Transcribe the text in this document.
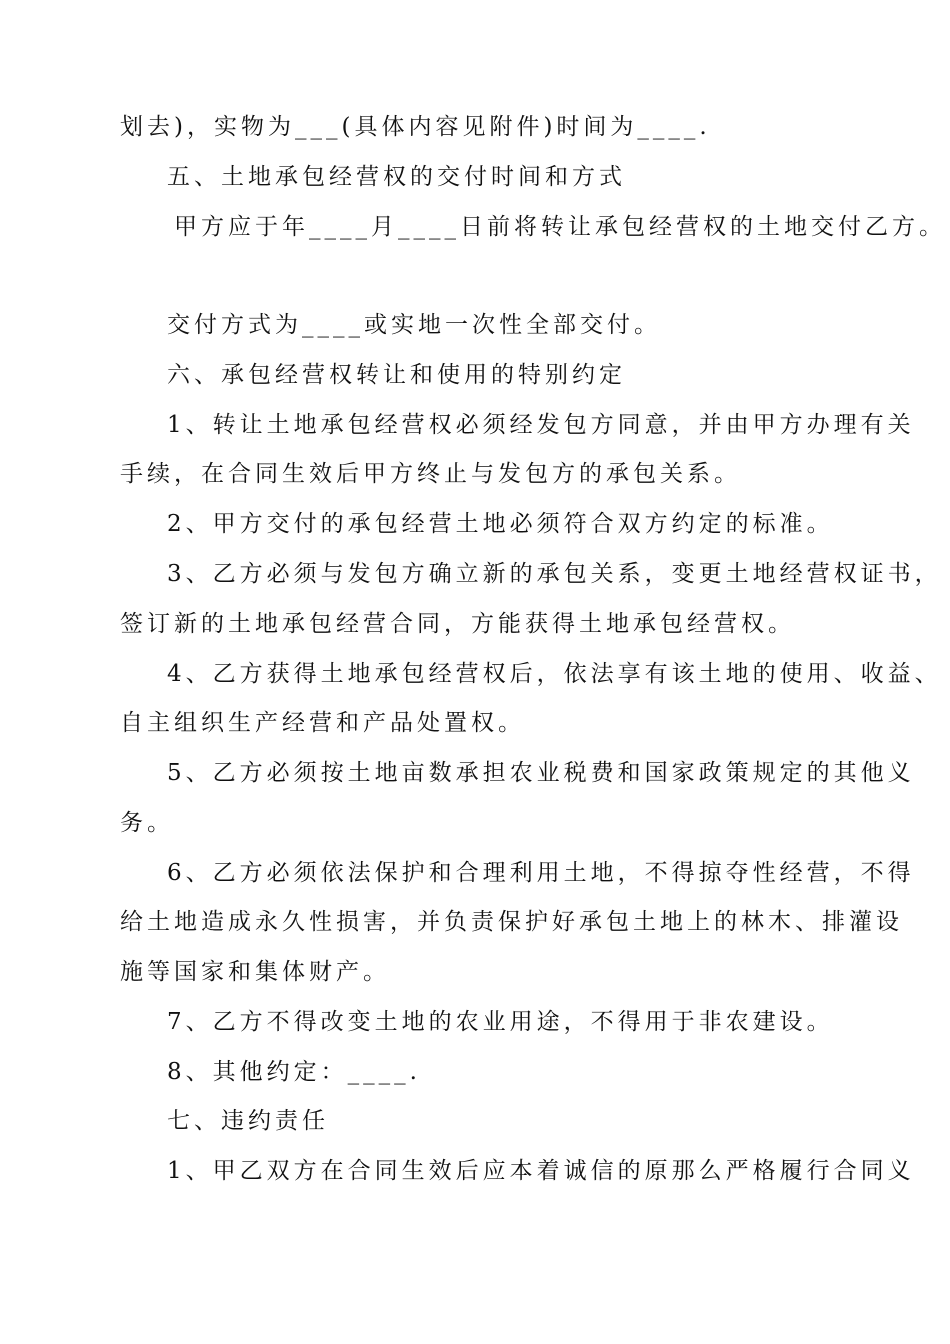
划去)，实物为___(具体内容见附件)时间为____.
五、土地承包经营权的交付时间和方式
甲方应于年____月____日前将转让承包经营权的土地交付乙方。
交付方式为____或实地一次性全部交付。
六、承包经营权转让和使用的特别约定
1、转让土地承包经营权必须经发包方同意，并由甲方办理有关
手续，在合同生效后甲方终止与发包方的承包关系。
2、甲方交付的承包经营土地必须符合双方约定的标准。
3、乙方必须与发包方确立新的承包关系，变更土地经营权证书，
签订新的土地承包经营合同，方能获得土地承包经营权。
4、乙方获得土地承包经营权后，依法享有该土地的使用、收益、
自主组织生产经营和产品处置权。
5、乙方必须按土地亩数承担农业税费和国家政策规定的其他义
务。
6、乙方必须依法保护和合理利用土地，不得掠夺性经营，不得
给土地造成永久性损害，并负责保护好承包土地上的林木、排灌设
施等国家和集体财产。
7、乙方不得改变土地的农业用途，不得用于非农建设。
8、其他约定：____.
七、违约责任
1、甲乙双方在合同生效后应本着诚信的原那么严格履行合同义
